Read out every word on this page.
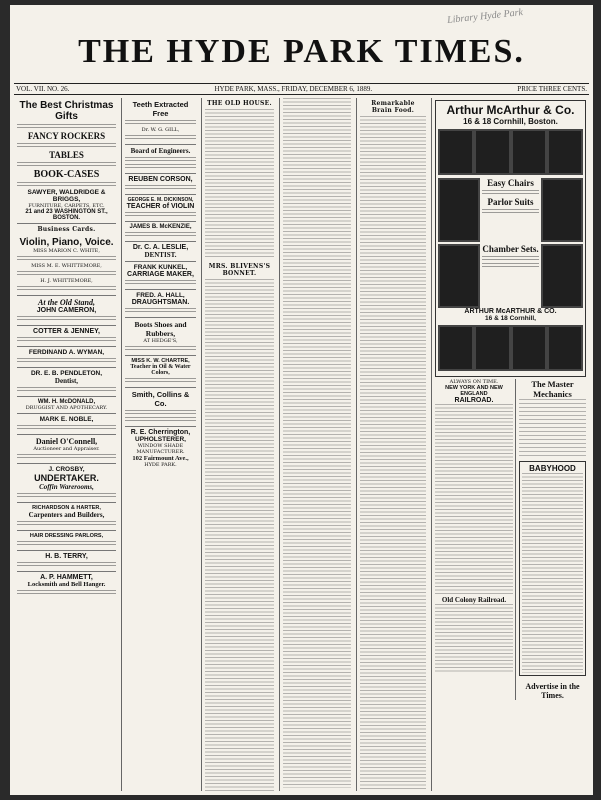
Library Hyde Park
THE HYDE PARK TIMES.
VOL. VII. NO. 26.	HYDE PARK, MASS., FRIDAY, DECEMBER 6, 1889.	PRICE THREE CENTS.
The Best Christmas Gifts
FANCY ROCKERS
TABLES
BOOK-CASES
SAWYER, WALDRIDGE & BRIGGS,
FURNITURE, CARPETS, ETC.
21 and 23 WASHINGTON ST., BOSTON.
Business Cards.
Violin, Piano, Voice.
MISS MARION C. WHITE,
MISS M. E. WHITTEMORE,
H. J. WHITTEMORE,
At the Old Stand,
JOHN CAMERON,
COTTER & JENNEY,
FERDINAND A. WYMAN,
DR. E. B. PENDLETON,
Dentist,
WM. H. McDONALD,
DRUGGIST AND APOTHECARY.
MARK E. NOBLE,
Daniel O'Connell,
Auctioneer and Appraiser.
J. CROSBY,
UNDERTAKER.
Coffin Warerooms,
RICHARDSON & HARTER,
Carpenters and Builders,
HAIR DRESSING PARLORS,
H. B. TERRY,
A. P. HAMMETT,
Locksmith and Bell Hanger.
Teeth Extracted Free
Dr. W. G. GILL,
Board of Engineers.
REUBEN CORSON,
GEORGE E. M. DICKINSON,
TEACHER of VIOLIN
JAMES B. McKENZIE,
Dr. C. A. LESLIE,
DENTIST.
FRANK KUNKEL,
CARRIAGE MAKER,
FRED. A. HALL,
DRAUGHTSMAN.
Boots Shoes and Rubbers,
AT HEDGE'S,
MISS K. W. CHARTRE,
Teacher in Oil & Water Colors,
Smith, Collins & Co.
R. E. Cherrington,
UPHOLSTERER,
WINDOW SHADE MANUFACTURER.
102 Fairmount Ave.,
HYDE PARK.
THE OLD HOUSE.
MRS. BLIVENS'S BONNET.
Remarkable Brain Food.	Arthur McArthur & Co.
16 & 18 Cornhill, Boston.
Easy Chairs
Parlor Suits
Chamber Sets.
ARTHUR McARTHUR & CO.
16 & 18 Cornhill,
ALWAYS ON TIME.
NEW YORK AND NEW ENGLAND
RAILROAD.
Old Colony Railroad.
The Master Mechanics
BABYHOOD
Advertise in the Times.
